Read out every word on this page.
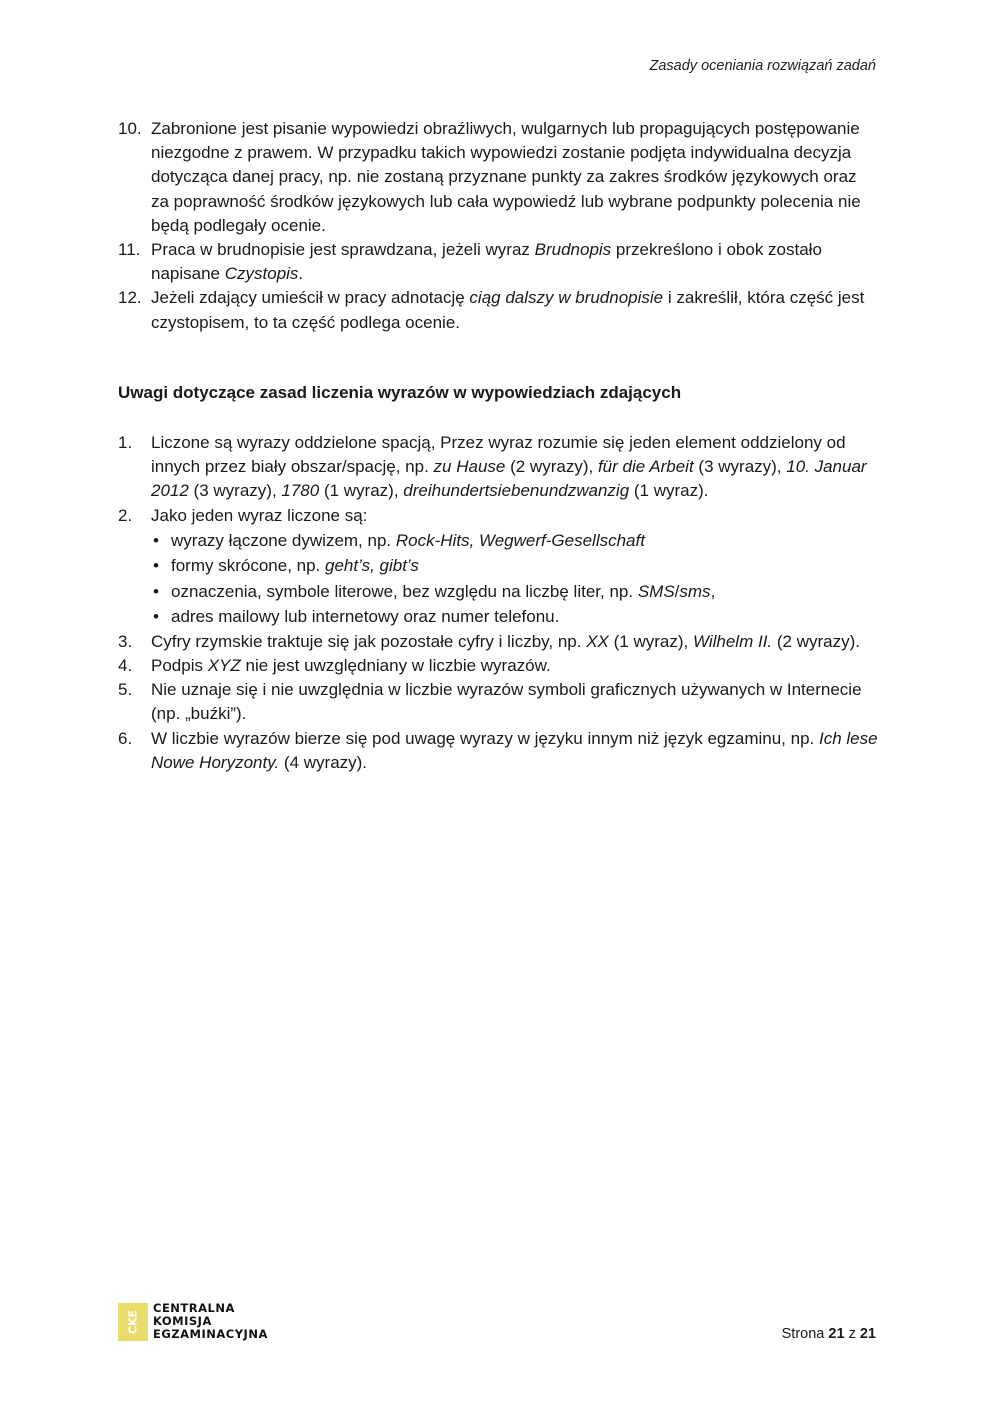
Zasady oceniania rozwiązań zadań
10. Zabronione jest pisanie wypowiedzi obraźliwych, wulgarnych lub propagujących postępowanie niezgodne z prawem. W przypadku takich wypowiedzi zostanie podjęta indywidualna decyzja dotycząca danej pracy, np. nie zostaną przyznane punkty za zakres środków językowych oraz za poprawność środków językowych lub cała wypowiedź lub wybrane podpunkty polecenia nie będą podlegały ocenie.
11. Praca w brudnopisie jest sprawdzana, jeżeli wyraz Brudnopis przekreślono i obok zostało napisane Czystopis.
12. Jeżeli zdający umieścił w pracy adnotację ciąg dalszy w brudnopisie i zakreślił, która część jest czystopisem, to ta część podlega ocenie.
Uwagi dotyczące zasad liczenia wyrazów w wypowiedziach zdających
1.	Liczone są wyrazy oddzielone spacją, Przez wyraz rozumie się jeden element oddzielony od innych przez biały obszar/spację, np. zu Hause (2 wyrazy), für die Arbeit (3 wyrazy), 10. Januar 2012 (3 wyrazy), 1780 (1 wyraz), dreihundertsiebenundzwanzig (1 wyraz).
2.	Jako jeden wyraz liczone są:
• wyrazy łączone dywizem, np. Rock-Hits, Wegwerf-Gesellschaft
• formy skrócone, np. geht’s, gibt’s
• oznaczenia, symbole literowe, bez względu na liczbę liter, np. SMS/sms,
• adres mailowy lub internetowy oraz numer telefonu.
3.	Cyfry rzymskie traktuje się jak pozostałe cyfry i liczby, np. XX (1 wyraz), Wilhelm II. (2 wyrazy).
4.	Podpis XYZ nie jest uwzględniany w liczbie wyrazów.
5.	Nie uznaje się i nie uwzględnia w liczbie wyrazów symboli graficznych używanych w Internecie (np. „buźki”).
6.	W liczbie wyrazów bierze się pod uwagę wyrazy w języku innym niż język egzaminu, np. Ich lese Nowe Horyzonty. (4 wyrazy).
CKE
CENTRALNA
KOMISJA
EGZAMINACYJNA	Strona 21 z 21
